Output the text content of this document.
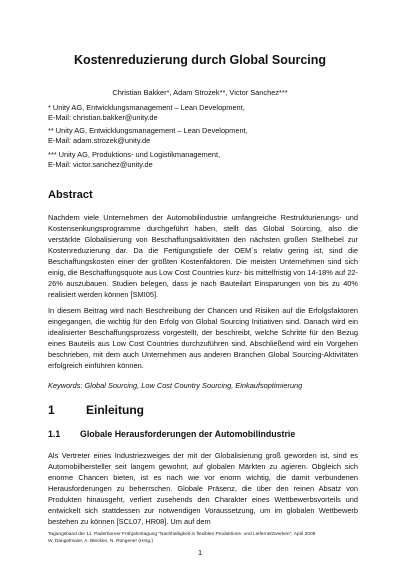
Kostenreduzierung durch Global Sourcing
Christian Bakker*, Adam Strożek**, Victor Sanchez***
* Unity AG, Entwicklungsmanagement – Lean Development,
E-Mail: christian.bakker@unity.de
** Unity AG, Entwicklungsmanagement – Lean Development,
E-Mail: adam.strozek@unity.de
*** Unity AG, Produktions- und Logistikmanagement,
E-Mail: victor.sanchez@unity.de
Abstract

Nachdem viele Unternehmen der Automobilindustrie umfangreiche Restrukturierungs- und Kostensenkungsprogramme durchgeführt haben, stellt das Global Sourcing, also die verstärkte Globalisierung von Beschaffungsaktivitäten den nächsten großen Stellhebel zur Kostenreduzierung dar. Da die Fertigungstiefe der OEM`s relativ gering ist, sind die Beschaffungskosten einer der größten Kostenfaktoren. Die meisten Unternehmen sind sich einig, die Beschaffungsquote aus Low Cost Countries kurz- bis mittelfristig von 14-18% auf 22-26% auszubauen. Studien belegen, dass je nach Bauteilart Einsparungen von bis zu 40% realisiert werden können [SMI05].

In diesem Beitrag wird nach Beschreibung der Chancen und Risiken auf die Erfolgsfaktoren eingegangen, die wichtig für den Erfolg von Global Sourcing Initiativen sind. Danach wird ein idealisierter Beschaffungsprozess vorgestellt, der beschreibt, welche Schritte für den Bezug eines Bauteils aus Low Cost Countries durchzuführen sind. Abschließend wird ein Vorgehen beschrieben, mit dem auch Unternehmen aus anderen Branchen Global Sourcing-Aktivitäten erfolgreich einführen können.

Keywords: Global Sourcing, Low Cost Country Sourcing, Einkaufsoptimierung

1	Einleitung
1.1 Globale Herausforderungen der Automobilindustrie

Als Vertreter eines Industriezweiges der mit der Globalisierung groß geworden ist, sind es Automobilhersteller seit langem gewohnt, auf globalen Märkten zu agieren. Obgleich sich enorme Chancen bieten, ist es nach wie vor enorm wichtig, die damit verbundenen Herausforderungen zu beherrschen. Globale Präsenz, die über den reinen Absatz von Produkten hinausgeht, verliert zusehends den Charakter eines Wettbewerbsvorteils und entwickelt sich stattdessen zur notwendigen Voraussetzung, um im globalen Wettbewerb bestehen zu können [SCL07, HR08]. Um auf dem

Tagungsband der 11. Paderborner Frühjahrstagung "Nachhaltigkeit in flexiblen Produktions- und Liefernetzwerken", April 2009
W. Dangelmaier, A. Blecken, N. Rüngener (Hrsg.)
1
